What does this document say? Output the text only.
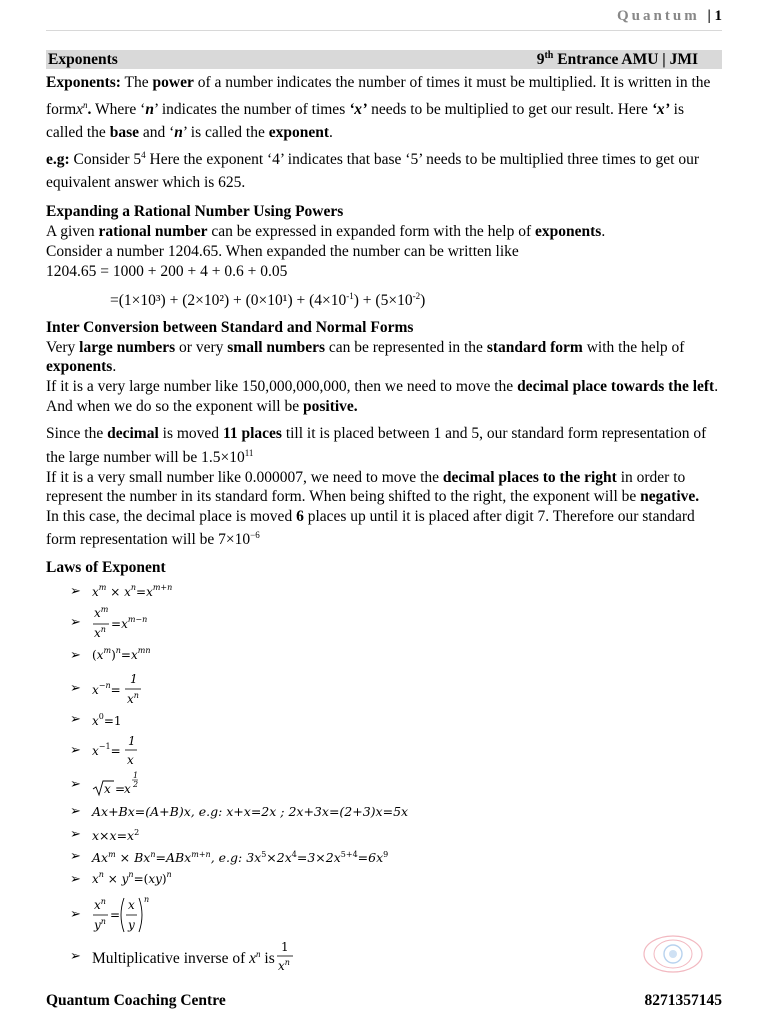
Quantum | 1
Exponents	9th Entrance AMU | JMI

Exponents: The power of a number indicates the number of times it must be multiplied. It is written in the formx$^n$. Where ‘n’ indicates the number of times ‘x’ needs to be multiplied to get our result. Here ‘x’ is called the base and ‘n’ is called the exponent.

e.g: Consider $5^4$ Here the exponent ‘4’ indicates that base ‘5’ needs to be multiplied three times to get our equivalent answer which is 625.

Expanding a Rational Number Using Powers

A given rational number can be expressed in expanded form with the help of exponents.

Consider a number 1204.65. When expanded the number can be written like

1204.65 = 1000 + 200 + 4 + 0.6 + 0.05

$=(1\times 10^3) + (2\times 10^2) + (0\times 10^1) + (4\times 10^{-1}) + (5\times 10^{-2})$

Inter Conversion between Standard and Normal Forms

Very large numbers or very small numbers can be represented in the standard form with the help of exponents.

If it is a very large number like 150,000,000,000, then we need to move the decimal place towards the left. And when we do so the exponent will be positive.

Since the decimal is moved 11 places till it is placed between 1 and 5, our standard form representation of the large number will be $1.5\times 10^{11}$

If it is a very small number like 0.000007, we need to move the decimal places to the right in order to represent the number in its standard form. When being shifted to the right, the exponent will be negative.

In this case, the decimal place is moved 6 places up until it is placed after digit 7. Therefore our standard form representation will be $7\times 10^{-6}$

Laws of Exponent
➢ $x^m \times x^n=x^{m+n}$
➢
$x^m$
$x^n =x^{m-n}$
➢ $(x^m)^n=x^{mn}$
➢ $x^{-n}=$
1
$x^n$
➢ $x^0=1$
➢ $x^{-1}=$
1
x
➢	x =
x
1
2
➢ Ax+Bx=(A+B)x, e.g: x+x=2x ; 2x+3x=(2+3)x=5x
➢ $x\times x=x^2$
➢ $Ax^m \times Bx^n=ABx^{m+n}$, e.g: $3x^5\times 2x^4=3\times 2x^{5+4}=6x^9$
➢ $x^n \times y^n=(xy)^n$
➢
$x^n$
$y^n$ =
x
y
n
➢ Multiplicative inverse of $x^n$ is
1
$x^n$
Quantum Coaching Centre	8271357145
